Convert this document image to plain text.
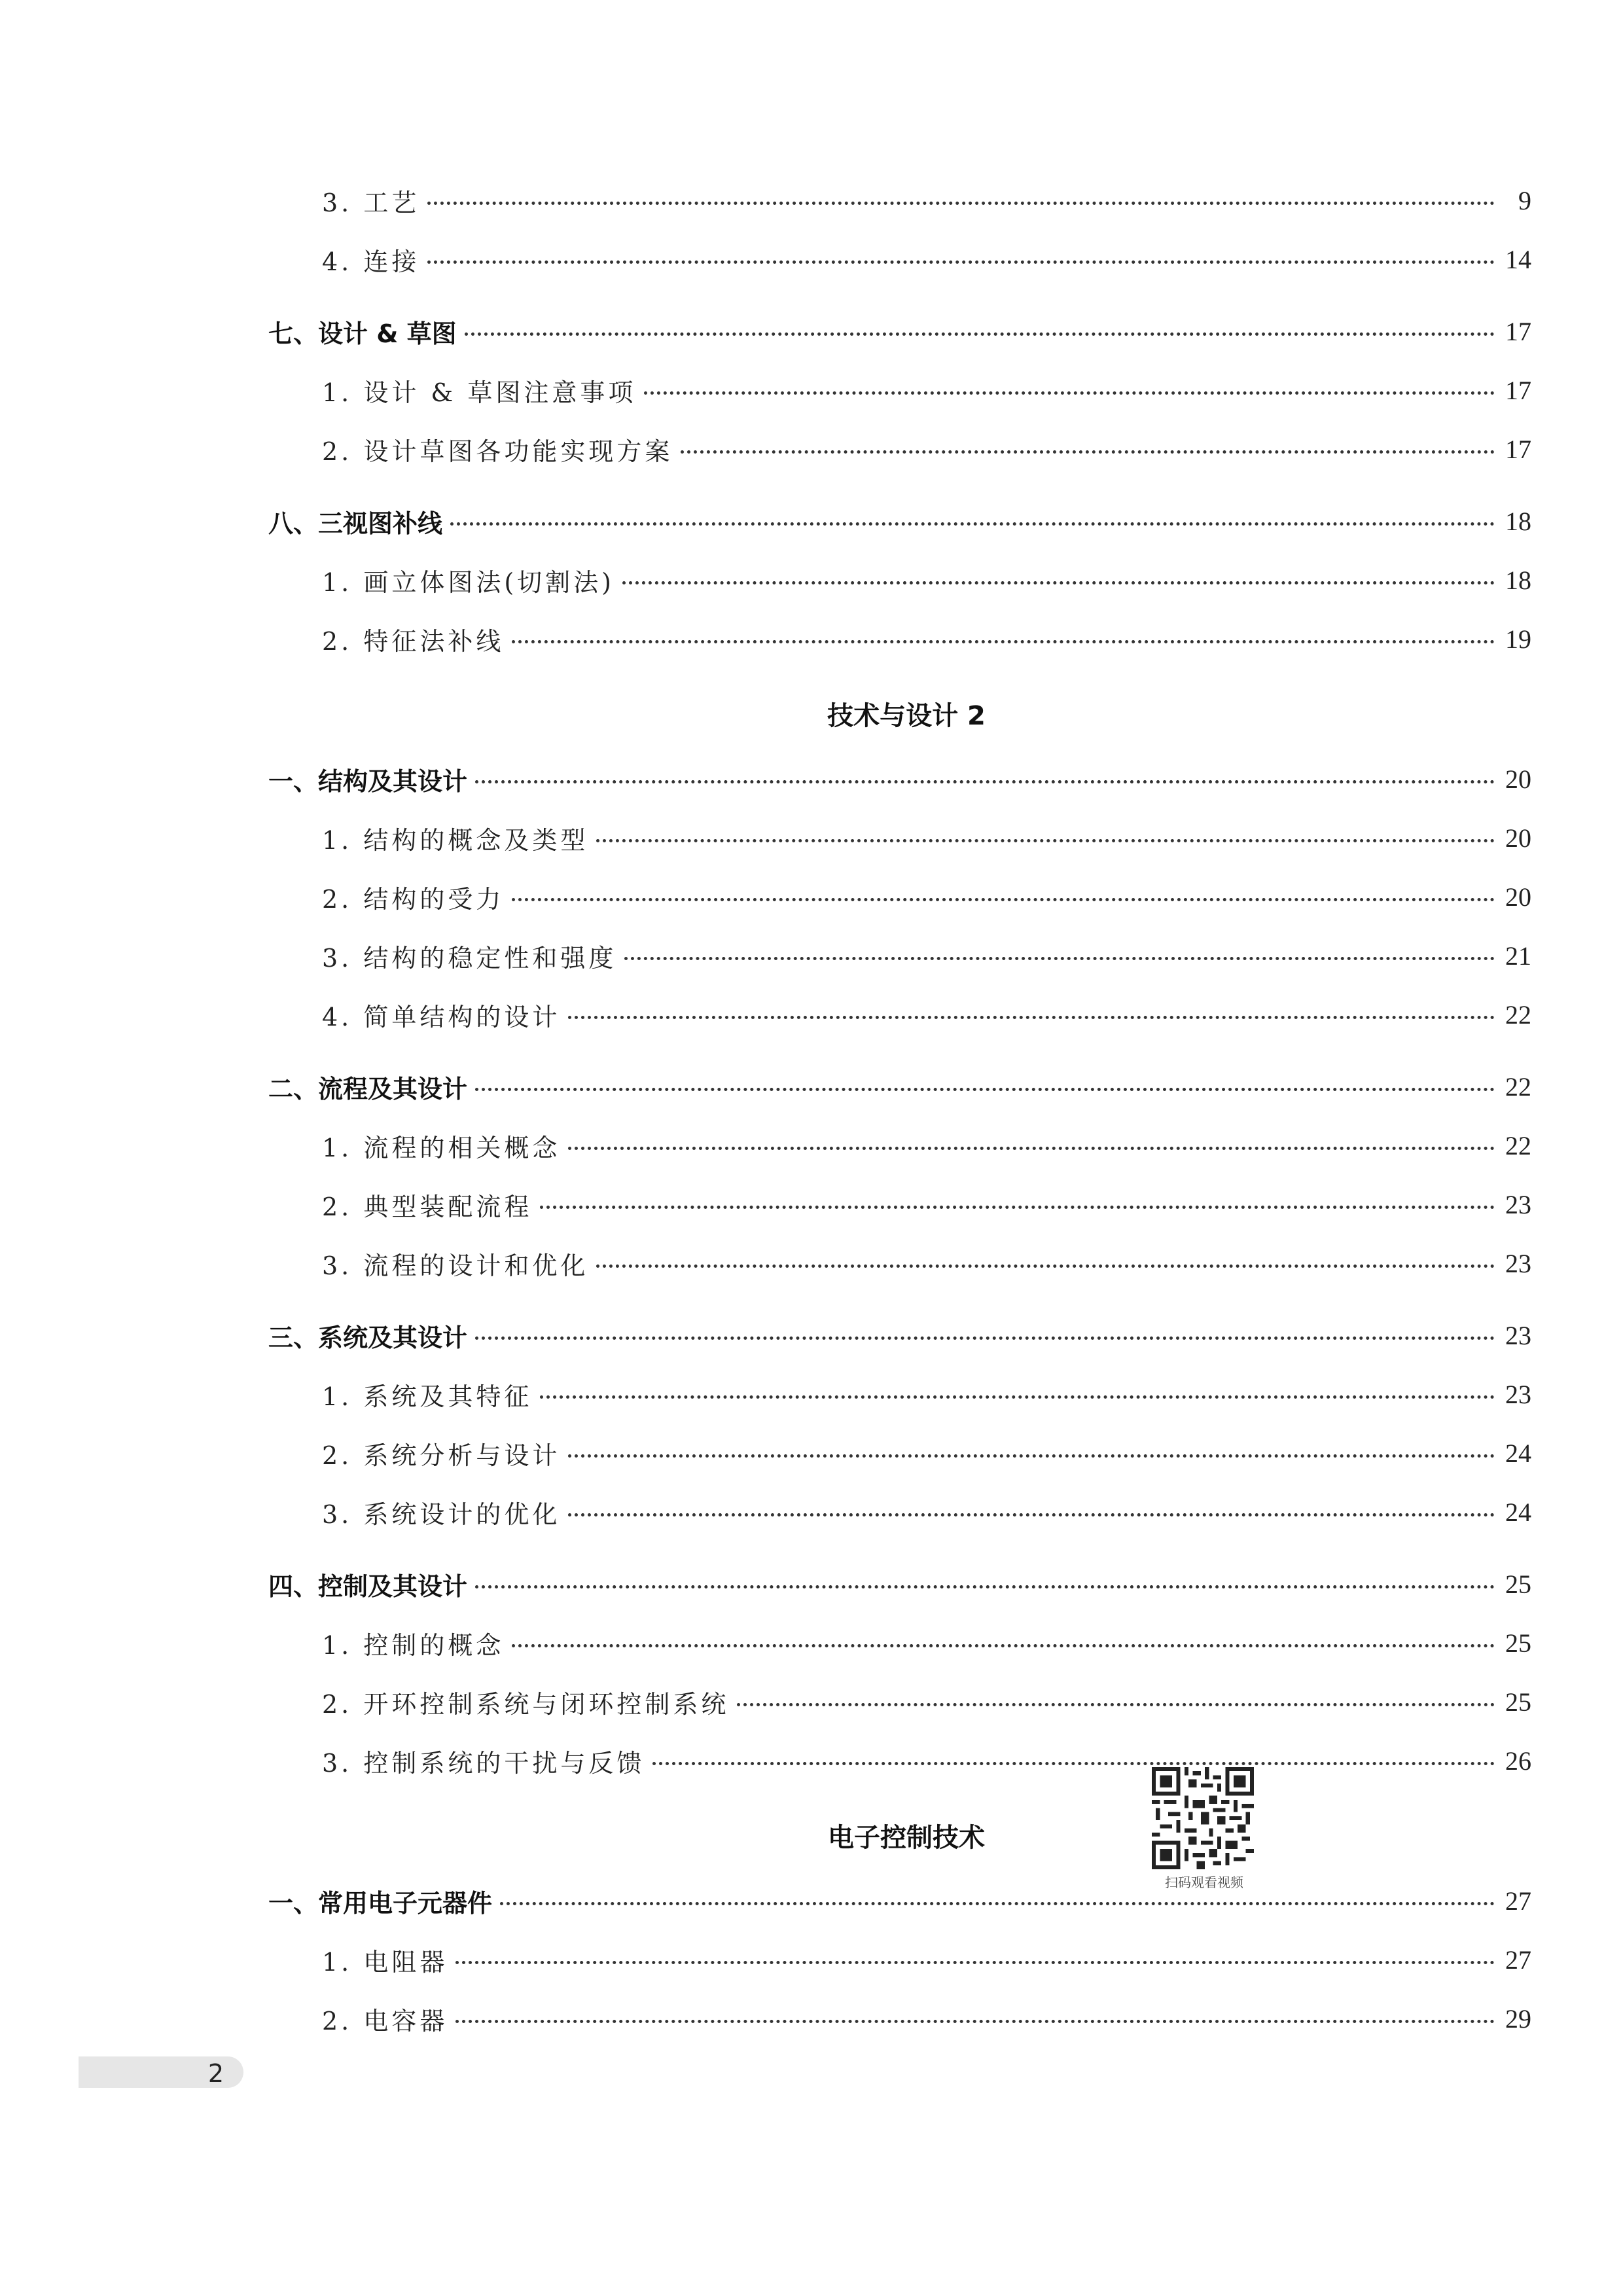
3. 工艺	9
4. 连接	14
七、设计 & 草图	17
1. 设计 & 草图注意事项	17
2. 设计草图各功能实现方案	17
八、三视图补线	18
1. 画立体图法(切割法)	18
2. 特征法补线	19
技术与设计 2
一、结构及其设计	20
1. 结构的概念及类型	20
2. 结构的受力	20
3. 结构的稳定性和强度	21
4. 简单结构的设计	22
二、流程及其设计	22
1. 流程的相关概念	22
2. 典型装配流程	23
3. 流程的设计和优化	23
三、系统及其设计	23
1. 系统及其特征	23
2. 系统分析与设计	24
3. 系统设计的优化	24
四、控制及其设计	25
1. 控制的概念	25
2. 开环控制系统与闭环控制系统	25
3. 控制系统的干扰与反馈	26
电子控制技术
扫码观看视频
一、常用电子元器件	27
1. 电阻器	27
2. 电容器	29
2
